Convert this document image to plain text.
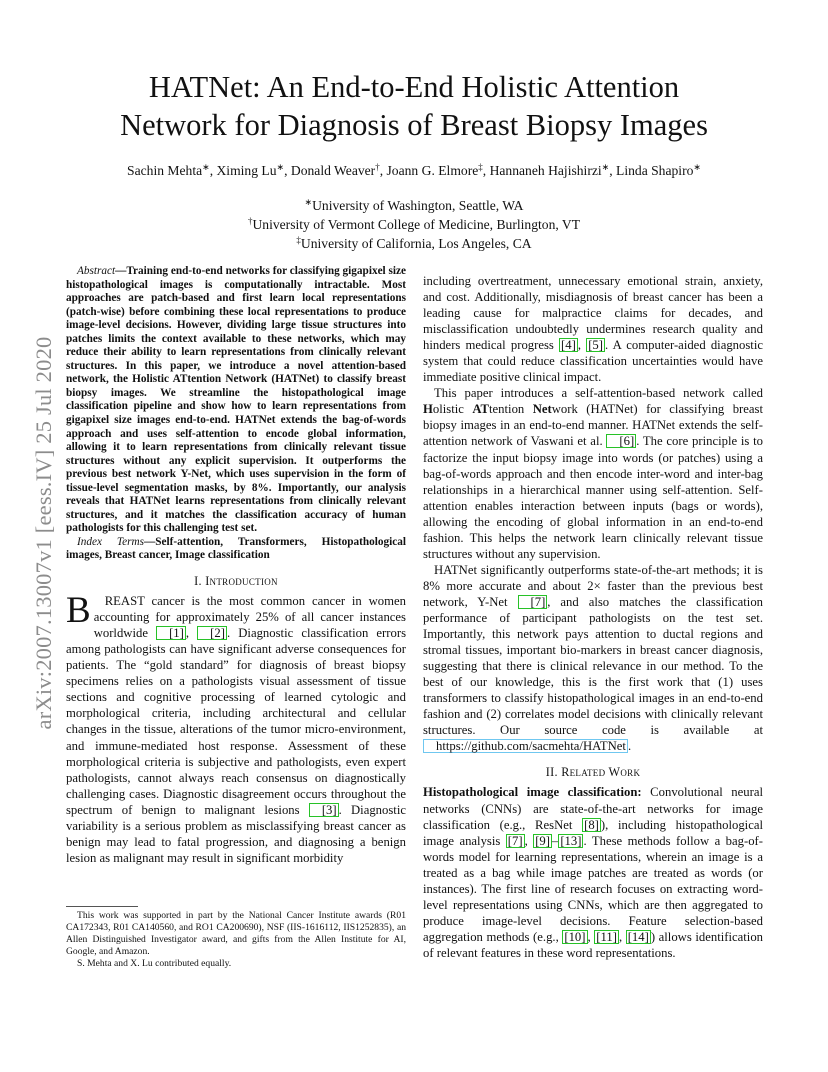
arXiv:2007.13007v1 [eess.IV] 25 Jul 2020
HATNet: An End-to-End Holistic Attention
Network for Diagnosis of Breast Biopsy Images
Sachin Mehta∗, Ximing Lu∗, Donald Weaver†, Joann G. Elmore‡, Hannaneh Hajishirzi∗, Linda Shapiro∗
∗University of Washington, Seattle, WA
†University of Vermont College of Medicine, Burlington, VT
‡University of California, Los Angeles, CA

Abstract—Training end-to-end networks for classifying gigapixel size histopathological images is computationally intractable. Most approaches are patch-based and first learn local representations (patch-wise) before combining these local representations to produce image-level decisions. However, dividing large tissue structures into patches limits the context available to these networks, which may reduce their ability to learn representations from clinically relevant structures. In this paper, we introduce a novel attention-based network, the Holistic ATtention Network (HATNet) to classify breast biopsy images. We streamline the histopathological image classification pipeline and show how to learn representations from gigapixel size images end-to-end. HATNet extends the bag-of-words approach and uses self-attention to encode global information, allowing it to learn representations from clinically relevant tissue structures without any explicit supervision. It outperforms the previous best network Y-Net, which uses supervision in the form of tissue-level segmentation masks, by 8%. Importantly, our analysis reveals that HATNet learns representations from clinically relevant structures, and it matches the classification accuracy of human pathologists for this challenging test set.

Index Terms—Self-attention, Transformers, Histopathological images, Breast cancer, Image classification

I. Introduction

B REAST cancer is the most common cancer in women accounting for approximately 25% of all cancer instances worldwide [1] , [2] . Diagnostic classification errors among pathologists can have significant adverse consequences for patients. The “gold standard” for diagnosis of breast biopsy specimens relies on a pathologists visual assessment of tissue sections and cognitive processing of learned cytologic and morphological criteria, including architectural and cellular changes in the tissue, alterations of the tumor micro-environment, and immune-mediated host response. Assessment of these morphological criteria is subjective and pathologists, even expert pathologists, cannot always reach consensus on diagnostically challenging cases. Diagnostic disagreement occurs throughout the spectrum of benign to malignant lesions [3] . Diagnostic variability is a serious problem as misclassifying breast cancer as benign may lead to fatal progression, and diagnosing a benign lesion as malignant may result in significant morbidity

This work was supported in part by the National Cancer Institute awards (R01 CA172343, R01 CA140560, and RO1 CA200690), NSF (IIS-1616112, IIS1252835), an Allen Distinguished Investigator award, and gifts from the Allen Institute for AI, Google, and Amazon.

S. Mehta and X. Lu contributed equally.

including overtreatment, unnecessary emotional strain, anxiety, and cost. Additionally, misdiagnosis of breast cancer has been a leading cause for malpractice claims for decades, and misclassification undoubtedly undermines research quality and hinders medical progress [4] , [5] . A computer-aided diagnostic system that could reduce classification uncertainties would have immediate positive clinical impact.

This paper introduces a self-attention-based network called Holistic ATtention Network (HATNet) for classifying breast biopsy images in an end-to-end manner. HATNet extends the self-attention network of Vaswani et al. [6] . The core principle is to factorize the input biopsy image into words (or patches) using a bag-of-words approach and then encode inter-word and inter-bag relationships in a hierarchical manner using self-attention. Self-attention enables interaction between inputs (bags or words), allowing the encoding of global information in an end-to-end fashion. This helps the network learn clinically relevant tissue structures without any supervision.

HATNet significantly outperforms state-of-the-art methods; it is 8% more accurate and about 2× faster than the previous best network, Y-Net [7] , and also matches the classification performance of participant pathologists on the test set. Importantly, this network pays attention to ductal regions and stromal tissues, important bio-markers in breast cancer diagnosis, suggesting that there is clinical relevance in our method. To the best of our knowledge, this is the first work that (1) uses transformers to classify histopathological images in an end-to-end fashion and (2) correlates model decisions with clinically relevant structures. Our source code is available at https://github.com/sacmehta/HATNet .

II. Related Work

Histopathological image classification: Convolutional neural networks (CNNs) are state-of-the-art networks for image classification (e.g., ResNet [8] ), including histopathological image analysis [7] , [9] – [13] . These methods follow a bag-of-words model for learning representations, wherein an image is a treated as a bag while image patches are treated as words (or instances). The first line of research focuses on extracting word-level representations using CNNs, which are then aggregated to produce image-level decisions. Feature selection-based aggregation methods (e.g., [10] , [11] , [14] ) allows identification of relevant features in these word representations.
